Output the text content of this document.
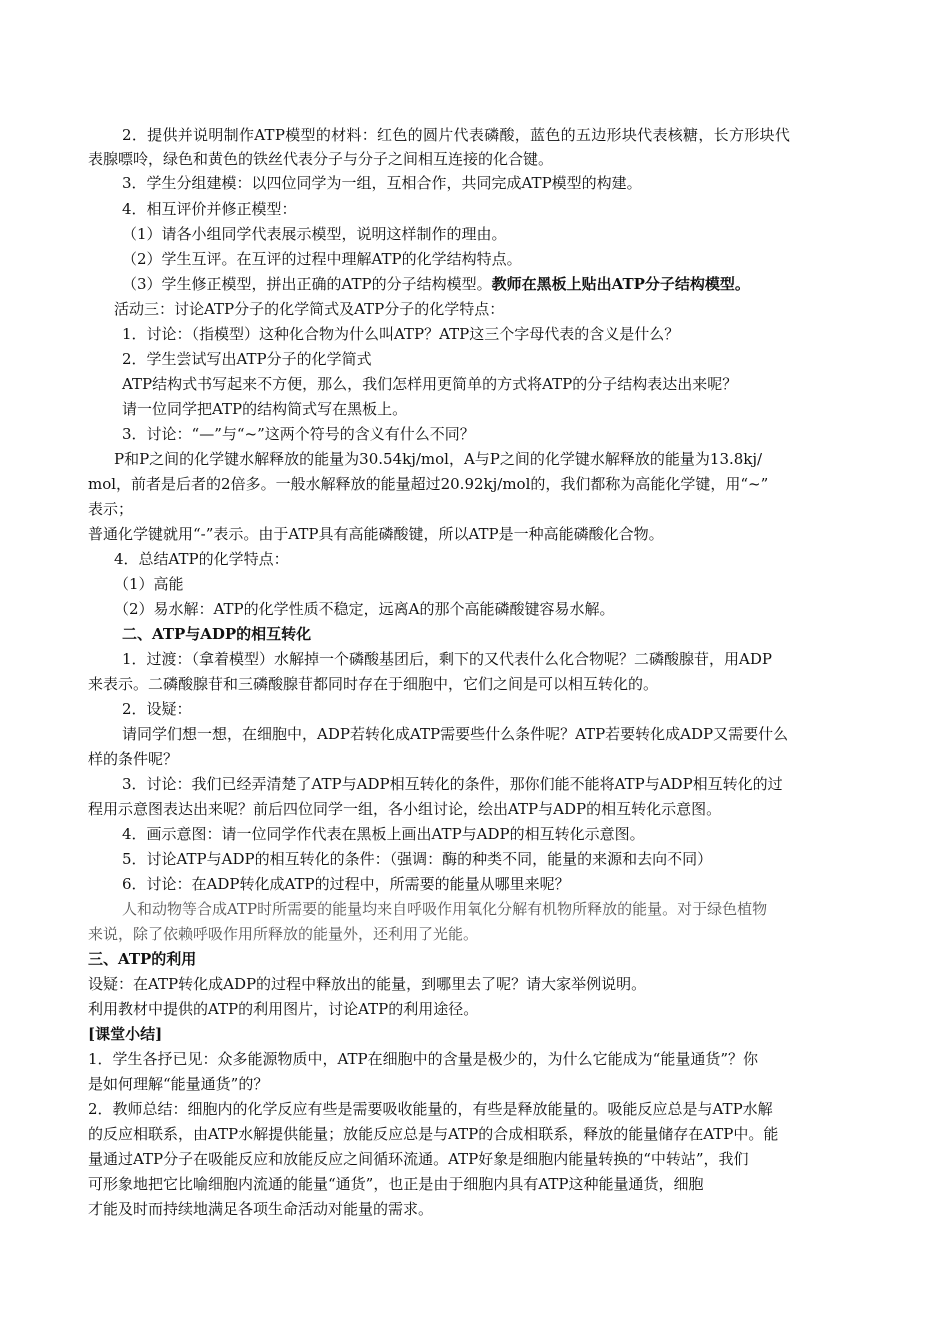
2．提供并说明制作ATP模型的材料：红色的圆片代表磷酸，蓝色的五边形块代表核糖，长方形块代
表腺嘌呤，绿色和黄色的铁丝代表分子与分子之间相互连接的化合键。
3．学生分组建模：以四位同学为一组，互相合作，共同完成ATP模型的构建。
4．相互评价并修正模型：
（1）请各小组同学代表展示模型，说明这样制作的理由。
（2）学生互评。在互评的过程中理解ATP的化学结构特点。
（3）学生修正模型，拼出正确的ATP的分子结构模型。教师在黑板上贴出ATP分子结构模型。
活动三：讨论ATP分子的化学简式及ATP分子的化学特点：
1．讨论：（指模型）这种化合物为什么叫ATP？ATP这三个字母代表的含义是什么？
2．学生尝试写出ATP分子的化学简式
ATP结构式书写起来不方便，那么，我们怎样用更简单的方式将ATP的分子结构表达出来呢？
请一位同学把ATP的结构简式写在黑板上。
3．讨论：“—”与“~”这两个符号的含义有什么不同？
P和P之间的化学键水解释放的能量为30.54kj/mol，A与P之间的化学键水解释放的能量为13.8kj/
mol，前者是后者的2倍多。一般水解释放的能量超过20.92kj/mol的，我们都称为高能化学键，用“~”
表示；
普通化学键就用“-”表示。由于ATP具有高能磷酸键，所以ATP是一种高能磷酸化合物。
4．总结ATP的化学特点：
（1）高能
（2）易水解：ATP的化学性质不稳定，远离A的那个高能磷酸键容易水解。
二、ATP与ADP的相互转化
1．过渡：（拿着模型）水解掉一个磷酸基团后，剩下的又代表什么化合物呢？二磷酸腺苷，用ADP
来表示。二磷酸腺苷和三磷酸腺苷都同时存在于细胞中，它们之间是可以相互转化的。
2．设疑：
请同学们想一想，在细胞中，ADP若转化成ATP需要些什么条件呢？ATP若要转化成ADP又需要什么
样的条件呢？
3．讨论：我们已经弄清楚了ATP与ADP相互转化的条件，那你们能不能将ATP与ADP相互转化的过
程用示意图表达出来呢？前后四位同学一组，各小组讨论，绘出ATP与ADP的相互转化示意图。
4．画示意图：请一位同学作代表在黑板上画出ATP与ADP的相互转化示意图。
5．讨论ATP与ADP的相互转化的条件：（强调：酶的种类不同，能量的来源和去向不同）
6．讨论：在ADP转化成ATP的过程中，所需要的能量从哪里来呢？
人和动物等合成ATP时所需要的能量均来自呼吸作用氧化分解有机物所释放的能量。对于绿色植物
来说，除了依赖呼吸作用所释放的能量外，还利用了光能。
三、ATP的利用
设疑：在ATP转化成ADP的过程中释放出的能量，到哪里去了呢？请大家举例说明。
利用教材中提供的ATP的利用图片，讨论ATP的利用途径。
[课堂小结]
1．学生各抒已见：众多能源物质中，ATP在细胞中的含量是极少的，为什么它能成为“能量通货”？你
是如何理解“能量通货”的？
2．教师总结：细胞内的化学反应有些是需要吸收能量的，有些是释放能量的。吸能反应总是与ATP水解
的反应相联系，由ATP水解提供能量；放能反应总是与ATP的合成相联系，释放的能量储存在ATP中。能
量通过ATP分子在吸能反应和放能反应之间循环流通。ATP好象是细胞内能量转换的“中转站”，我们
可形象地把它比喻细胞内流通的能量“通货”，也正是由于细胞内具有ATP这种能量通货，细胞
才能及时而持续地满足各项生命活动对能量的需求。
